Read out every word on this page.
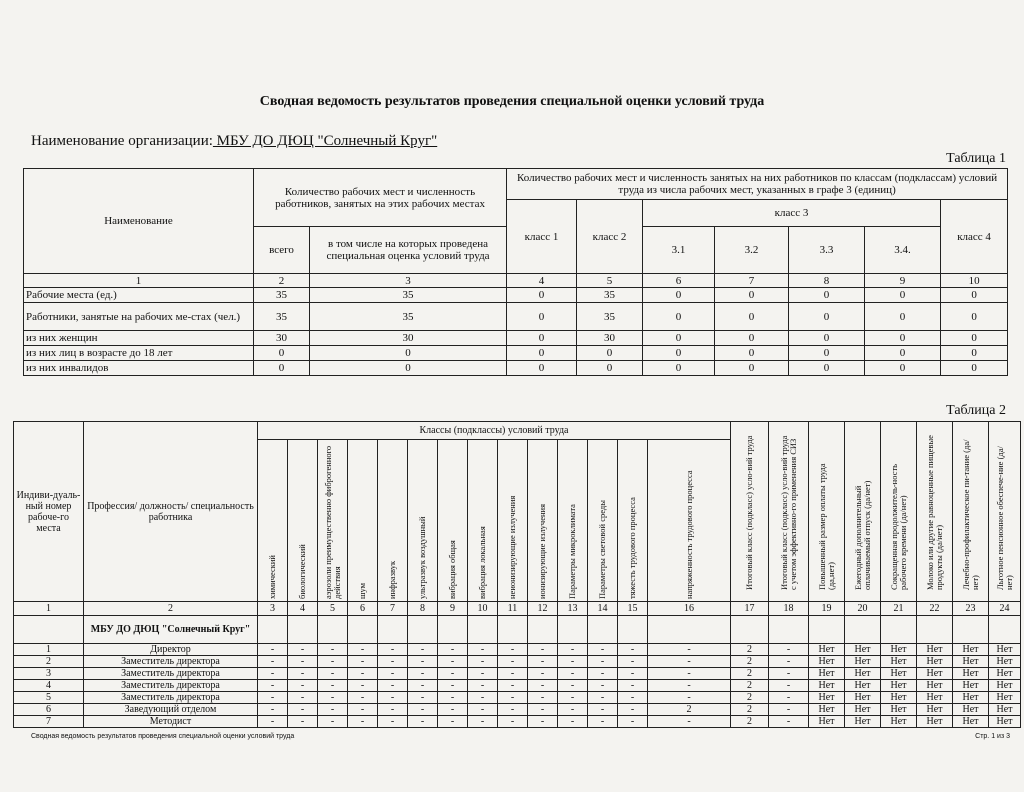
Сводная ведомость результатов проведения специальной оценки условий труда
Наименование организации: МБУ ДО ДЮЦ "Солнечный Круг"
Таблица 1
Наименование	Количество рабочих мест и численность работников, занятых на этих рабочих местах		Количество рабочих мест и численность занятых на них работников по классам (подклассам) условий труда из числа рабочих мест, указанных в графе 3 (единиц)						
			класс 1	класс 2	класс 3				класс 4
	всего	в том числе на которых проведена специальная оценка условий труда			3.1	3.2	3.3	3.4.	
1	2	3	4	5	6	7	8	9	10
Рабочие места (ед.)	35	35	0	35	0	0	0	0	0
Работники, занятые на рабочих ме-стах (чел.)	35	35	0	35	0	0	0	0	0
из них женщин	30	30	0	30	0	0	0	0	0
из них лиц в возрасте до 18 лет	0	0	0	0	0	0	0	0	0
из них инвалидов	0	0	0	0	0	0	0	0	0
Таблица 2
Индиви-дуаль-ный номер рабоче-го места	Профессия/ должность/ специальность работника	Классы (подклассы) условий труда														Итоговый класс (подкласс) усло-вий труда	Итоговый класс (подкласс) усло-вий труда с учетом эффективно-го применения СИЗ	Повышенный размер оплаты труда (да,нет)	Ежегодный дополнительный оплачиваемый отпуск (да/нет)	Сокращенная продолжитель-ность рабочего времени (да/нет)	Молоко или другие равноценные пищевые продукты (да/нет)	Лечебно-профилактическое пи-тание (да/нет)	Льготное пенсионное обеспече-ние (да/нет)

		химический	биологический	аэрозоли преимущественно фиброгенного действия	шум	инфразвук	ультразвук воздушный	вибрация общая	вибрация локальная	неионизирующие излучения	ионизирующие излучения	Параметры микроклимата	Параметры световой среды	тяжесть трудового процесса	напряженность трудового процесса								

1	2	3	4	5	6	7	8	9	10	11	12	13	14	15	16	17	18	19	20	21	22	23	24
	МБУ ДО ДЮЦ "Солнечный Круг"																						
1	Директор	-	-	-	-	-	-	-	-	-	-	-	-	-	-	2	-	Нет	Нет	Нет	Нет	Нет	Нет
2	Заместитель директора	-	-	-	-	-	-	-	-	-	-	-	-	-	-	2	-	Нет	Нет	Нет	Нет	Нет	Нет
3	Заместитель директора	-	-	-	-	-	-	-	-	-	-	-	-	-	-	2	-	Нет	Нет	Нет	Нет	Нет	Нет
4	Заместитель директора	-	-	-	-	-	-	-	-	-	-	-	-	-	-	2	-	Нет	Нет	Нет	Нет	Нет	Нет
5	Заместитель директора	-	-	-	-	-	-	-	-	-	-	-	-	-	-	2	-	Нет	Нет	Нет	Нет	Нет	Нет
6	Заведующий отделом	-	-	-	-	-	-	-	-	-	-	-	-	-	2	2	-	Нет	Нет	Нет	Нет	Нет	Нет
7	Методист	-	-	-	-	-	-	-	-	-	-	-	-	-	-	2	-	Нет	Нет	Нет	Нет	Нет	Нет
Сводная ведомость результатов проведения специальной оценки условий труда	Стр. 1 из 3
